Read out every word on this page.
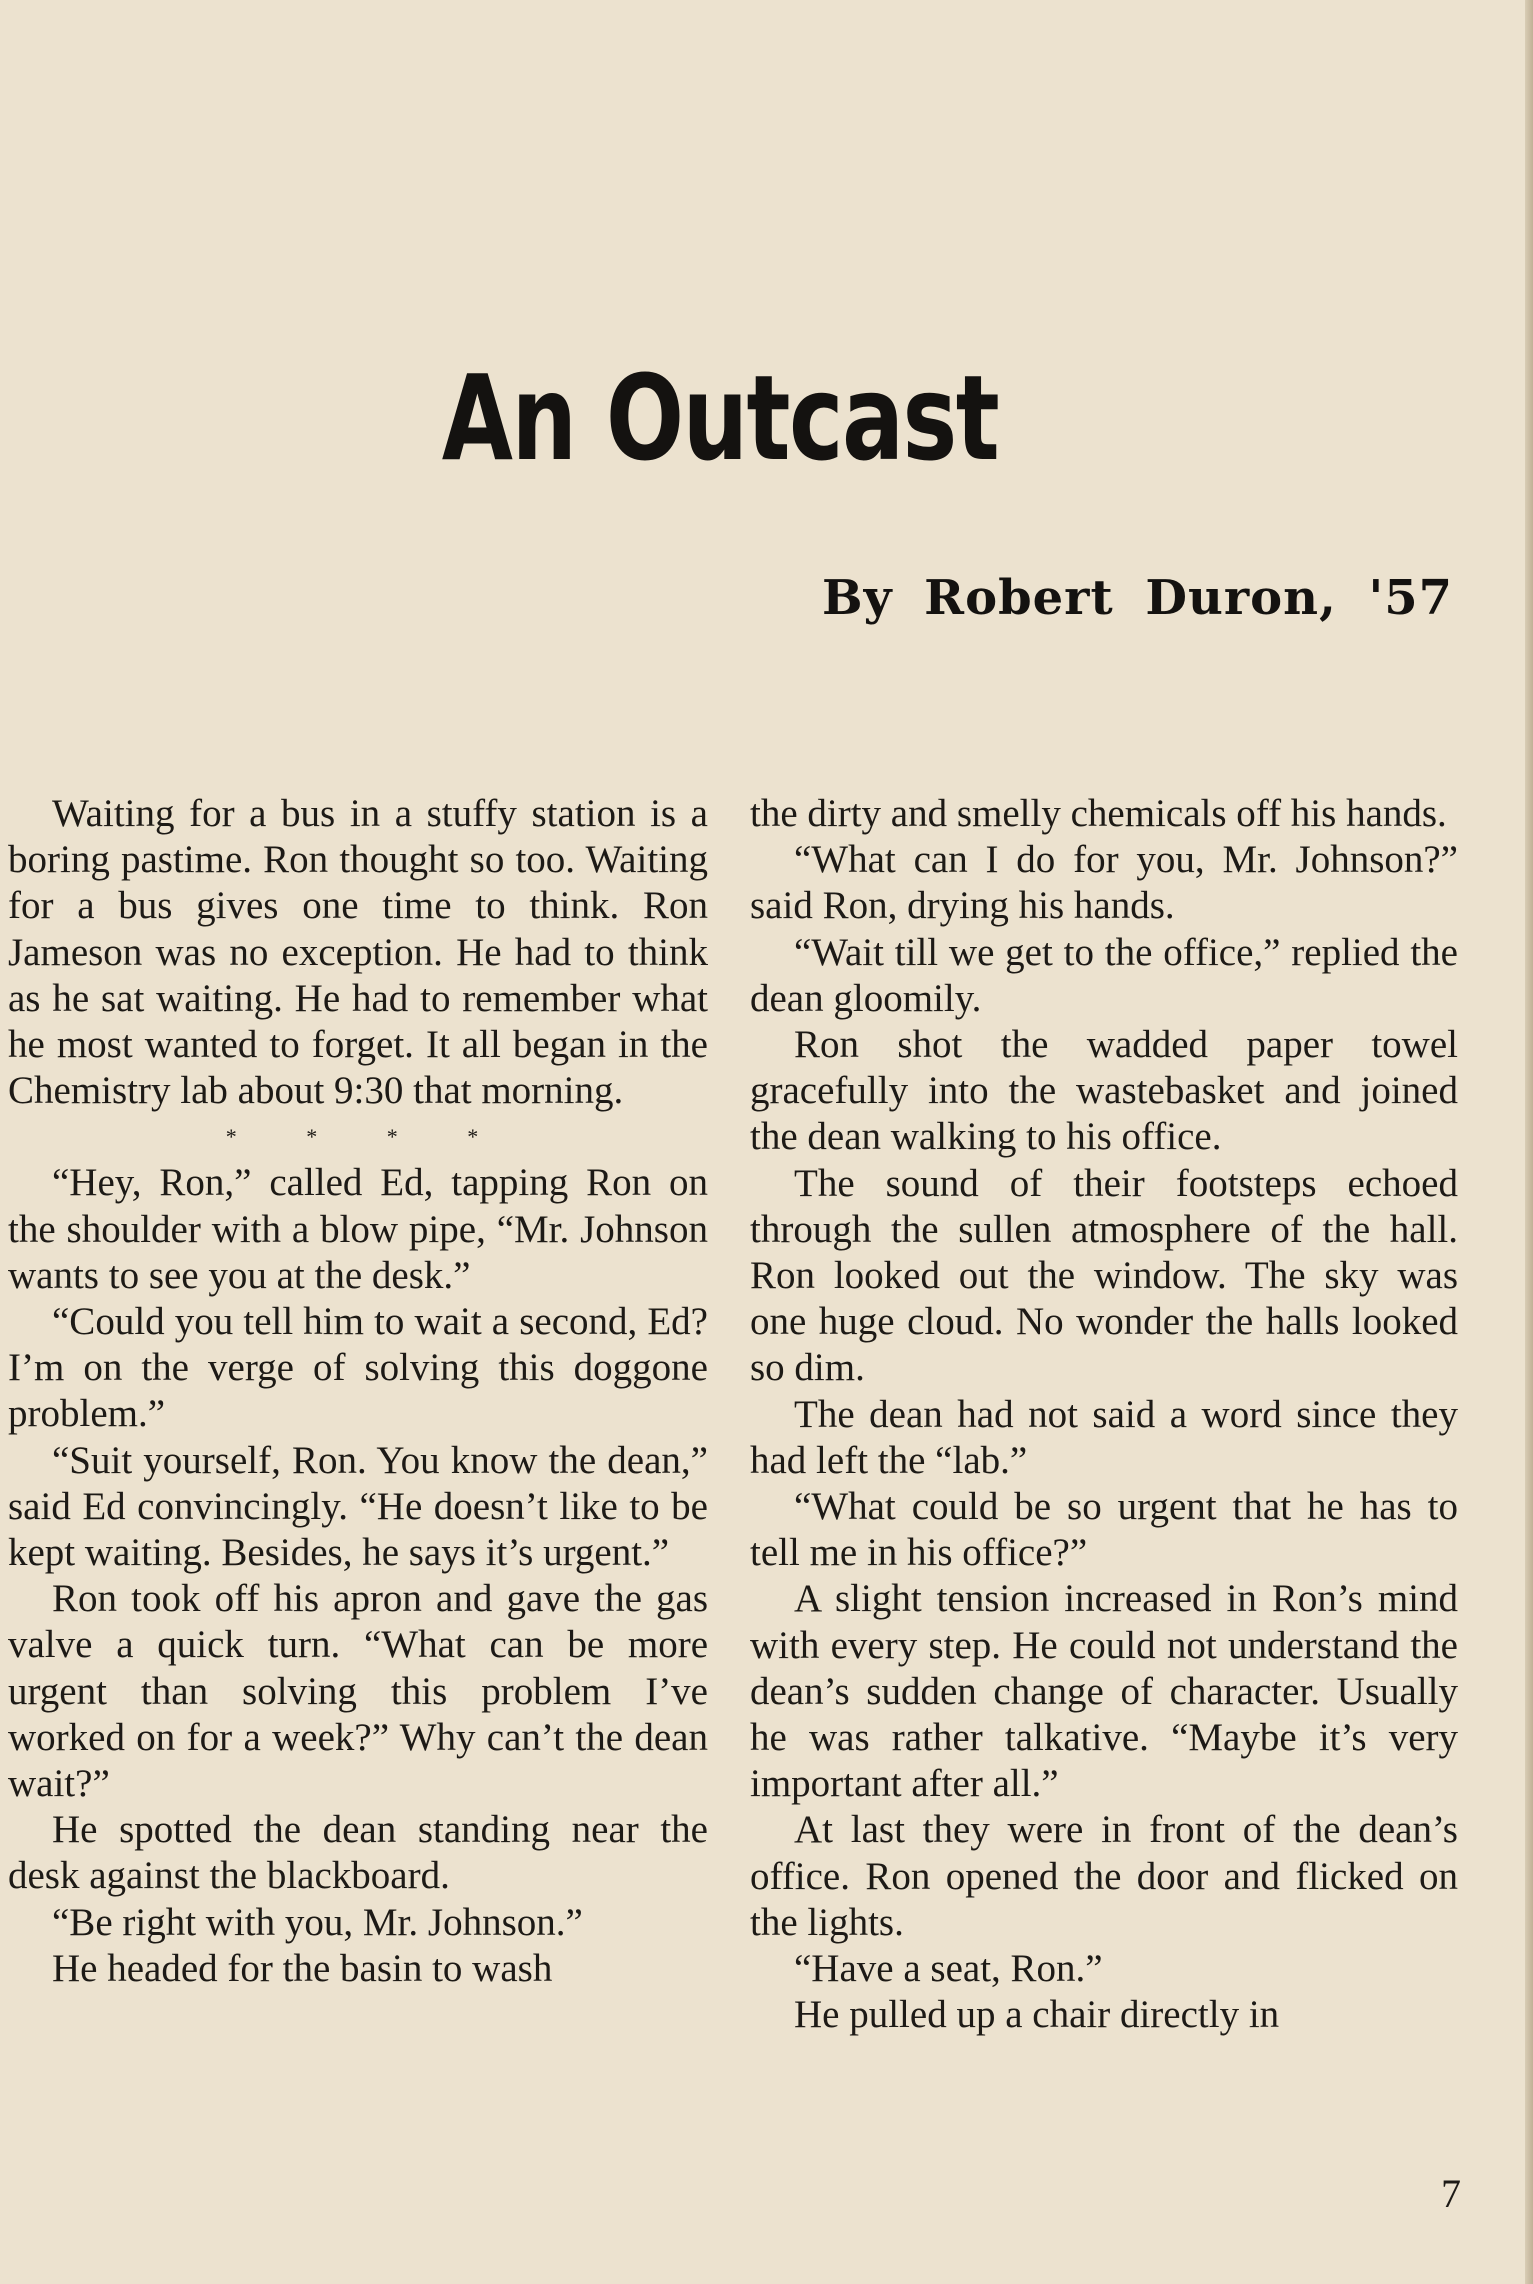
An Outcast
By Robert Duron, '57

Waiting for a bus in a stuffy station is a boring pastime. Ron thought so too. Waiting for a bus gives one time to think. Ron Jameson was no exception. He had to think as he sat waiting. He had to remember what he most wanted to forget. It all began in the Chemistry lab about 9:30 that morning.

* * * *

“Hey, Ron,” called Ed, tapping Ron on the shoulder with a blow pipe, “Mr. Johnson wants to see you at the desk.”

“Could you tell him to wait a second, Ed? I’m on the verge of solving this doggone problem.”

“Suit yourself, Ron. You know the dean,” said Ed convincingly. “He doesn’t like to be kept waiting. Besides, he says it’s urgent.”

Ron took off his apron and gave the gas valve a quick turn. “What can be more urgent than solving this problem I’ve worked on for a week?” Why can’t the dean wait?”

He spotted the dean standing near the desk against the blackboard.

“Be right with you, Mr. Johnson.”

He headed for the basin to wash

the dirty and smelly chemicals off his hands.

“What can I do for you, Mr. Johnson?” said Ron, drying his hands.

“Wait till we get to the office,” replied the dean gloomily.

Ron shot the wadded paper towel gracefully into the wastebasket and joined the dean walking to his office.

The sound of their footsteps echoed through the sullen atmosphere of the hall. Ron looked out the window. The sky was one huge cloud. No wonder the halls looked so dim.

The dean had not said a word since they had left the “lab.”

“What could be so urgent that he has to tell me in his office?”

A slight tension increased in Ron’s mind with every step. He could not understand the dean’s sudden change of character. Usually he was rather talkative. “Maybe it’s very important after all.”

At last they were in front of the dean’s office. Ron opened the door and flicked on the lights.

“Have a seat, Ron.”

He pulled up a chair directly in

7
